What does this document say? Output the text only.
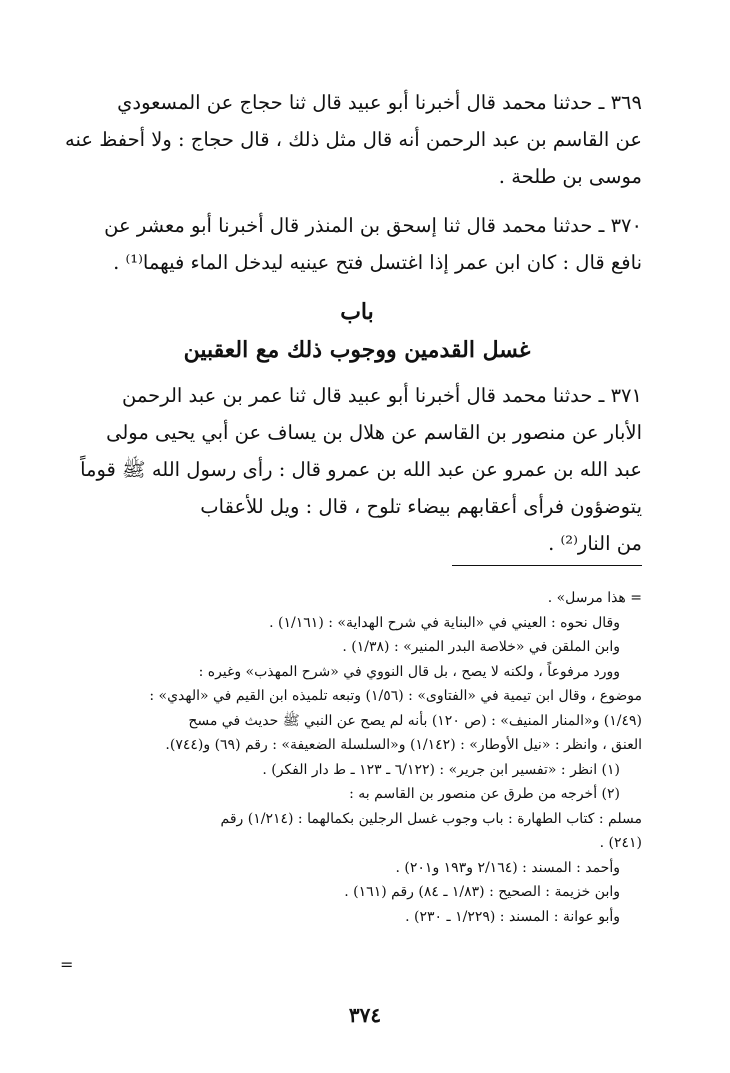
٣٦٩ ـ حدثنا محمد قال أخبرنا أبو عبيد قال ثنا حجاج عن المسعودي

عن القاسم بن عبد الرحمن أنه قال مثل ذلك ، قال حجاج : ولا أحفظ عنه

موسى بن طلحة .

٣٧٠ ـ حدثنا محمد قال ثنا إسحق بن المنذر قال أخبرنا أبو معشر عن

نافع قال : كان ابن عمر إذا اغتسل فتح عينيه ليدخل الماء فيهما⁽¹⁾ .

باب
غسل القدمين ووجوب ذلك مع العقبين

٣٧١ ـ حدثنا محمد قال أخبرنا أبو عبيد قال ثنا عمر بن عبد الرحمن

الأبار عن منصور بن القاسم عن هلال بن يساف عن أبي يحيى مولى

عبد الله بن عمرو عن عبد الله بن عمرو قال : رأى رسول الله ﷺ قوماً

يتوضؤون فرأى أعقابهم بيضاء تلوح ، قال : ويل للأعقاب

من النار⁽²⁾ .

= هذا مرسل» .

وقال نحوه : العيني في «البناية في شرح الهداية» : (١/١٦١) .

وابن الملقن في «خلاصة البدر المنير» : (١/٣٨) .

وورد مرفوعاً ، ولكنه لا يصح ، بل قال النووي في «شرح المهذب» وغيره :

موضوع ، وقال ابن تيمية في «الفتاوى» : (١/٥٦) وتبعه تلميذه ابن القيم في «الهدي» :

(١/٤٩) و«المنار المنيف» : (ص ١٢٠) بأنه لم يصح عن النبي ﷺ حديث في مسح

العنق ، وانظر : «نيل الأوطار» : (١/١٤٢) و«السلسلة الضعيفة» : رقم (٦٩) و(٧٤٤).

(١) انظر : «تفسير ابن جرير» : (٦/١٢٢ ـ ١٢٣ ـ ط دار الفكر) .

(٢) أخرجه من طرق عن منصور بن القاسم به :

مسلم : كتاب الطهارة : باب وجوب غسل الرجلين بكمالهما : (١/٢١٤) رقم

(٢٤١) .

وأحمد : المسند : (٢/١٦٤ و١٩٣ و٢٠١) .

وابن خزيمة : الصحيح : (١/٨٣ ـ ٨٤) رقم (١٦١) .

وأبو عوانة : المسند : (١/٢٢٩ ـ ٢٣٠) .

=
٣٧٤
